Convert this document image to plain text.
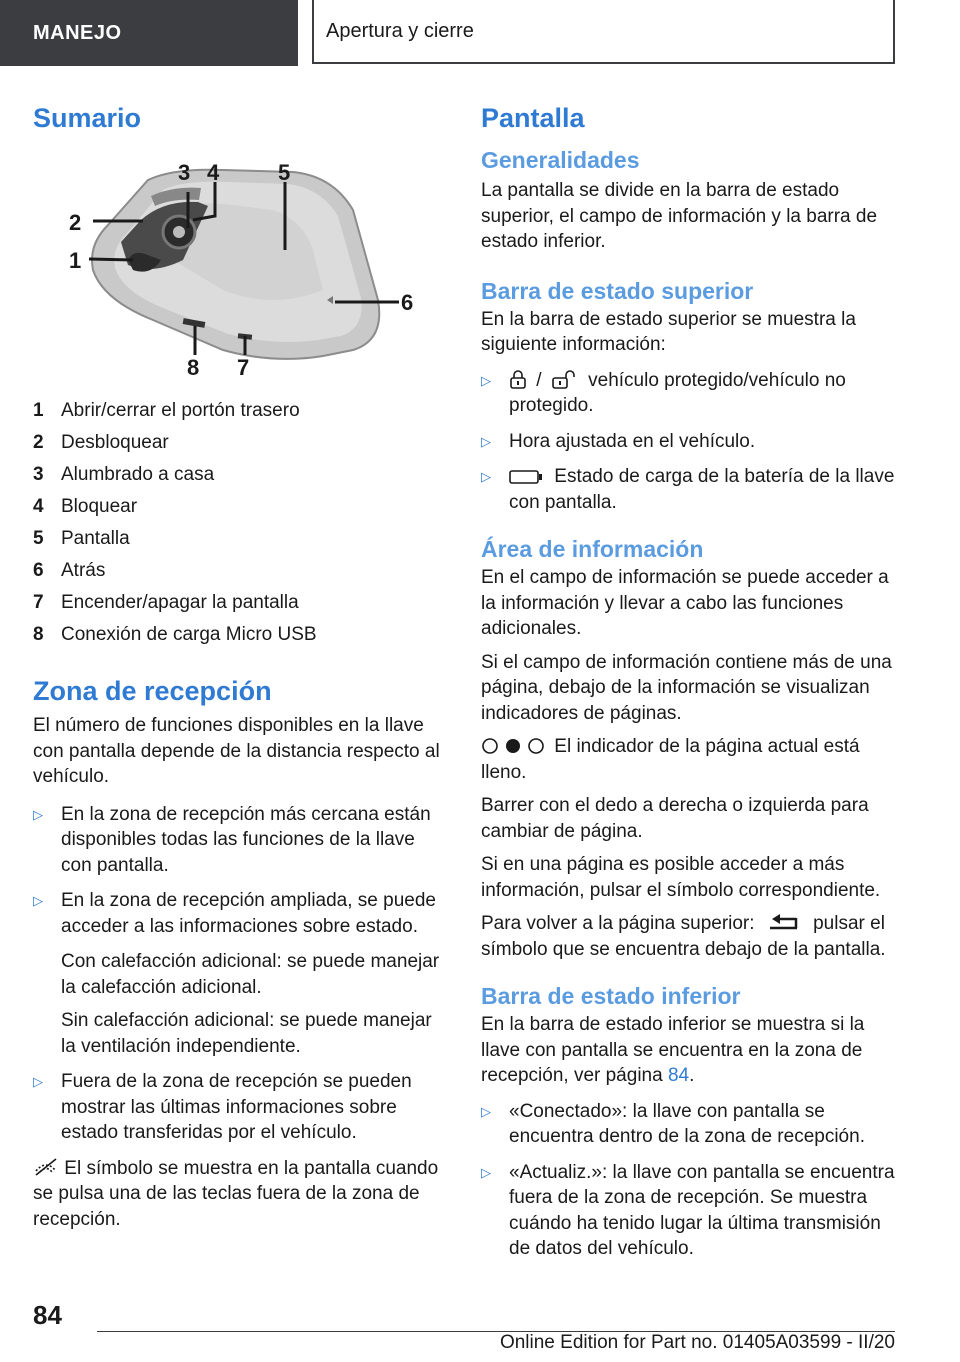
MANEJO	Apertura y cierre
Sumario
3 4	5
2
1
6
8 7
1 Abrir/cerrar el portón trasero
2 Desbloquear
3 Alumbrado a casa
4 Bloquear
5 Pantalla
6 Atrás
7 Encender/apagar la pantalla
8 Conexión de carga Micro USB
Zona de recepción

El número de funciones disponibles en la llave con pantalla depende de la distancia respecto al vehículo.

▷ En la zona de recepción más cercana están disponibles todas las funciones de la llave con pantalla.
▷ En la zona de recepción ampliada, se puede acceder a las informaciones sobre estado.
Con calefacción adicional: se puede manejar la calefacción adicional.
Sin calefacción adicional: se puede manejar la ventilación independiente.
▷ Fuera de la zona de recepción se pueden mostrar las últimas informaciones sobre estado transferidas por el vehículo.

El símbolo se muestra en la pantalla cuando se pulsa una de las teclas fuera de la zona de recepción.

Pantalla
Generalidades

La pantalla se divide en la barra de estado superior, el campo de información y la barra de estado inferior.

Barra de estado superior

En la barra de estado superior se muestra la siguiente información:

▷	/ vehículo protegido/vehículo no protegido.
▷ Hora ajustada en el vehículo.
▷	Estado de carga de la batería de la llave con pantalla.
Área de información

En el campo de información se puede acceder a la información y llevar a cabo las funciones adicionales.

Si el campo de información contiene más de una página, debajo de la información se visualizan indicadores de páginas.

El indicador de la página actual está lleno.

Barrer con el dedo a derecha o izquierda para cambiar de página.

Si en una página es posible acceder a más información, pulsar el símbolo correspondiente.

Para volver a la página superior:	pulsar el símbolo que se encuentra debajo de la pantalla.

Barra de estado inferior

En la barra de estado inferior se muestra si la llave con pantalla se encuentra en la zona de recepción, ver página 84.

▷ «Conectado»: la llave con pantalla se encuentra dentro de la zona de recepción.
▷ «Actualiz.»: la llave con pantalla se encuentra fuera de la zona de recepción. Se muestra cuándo ha tenido lugar la última transmisión de datos del vehículo.
84
Online Edition for Part no. 01405A03599 - II/20
